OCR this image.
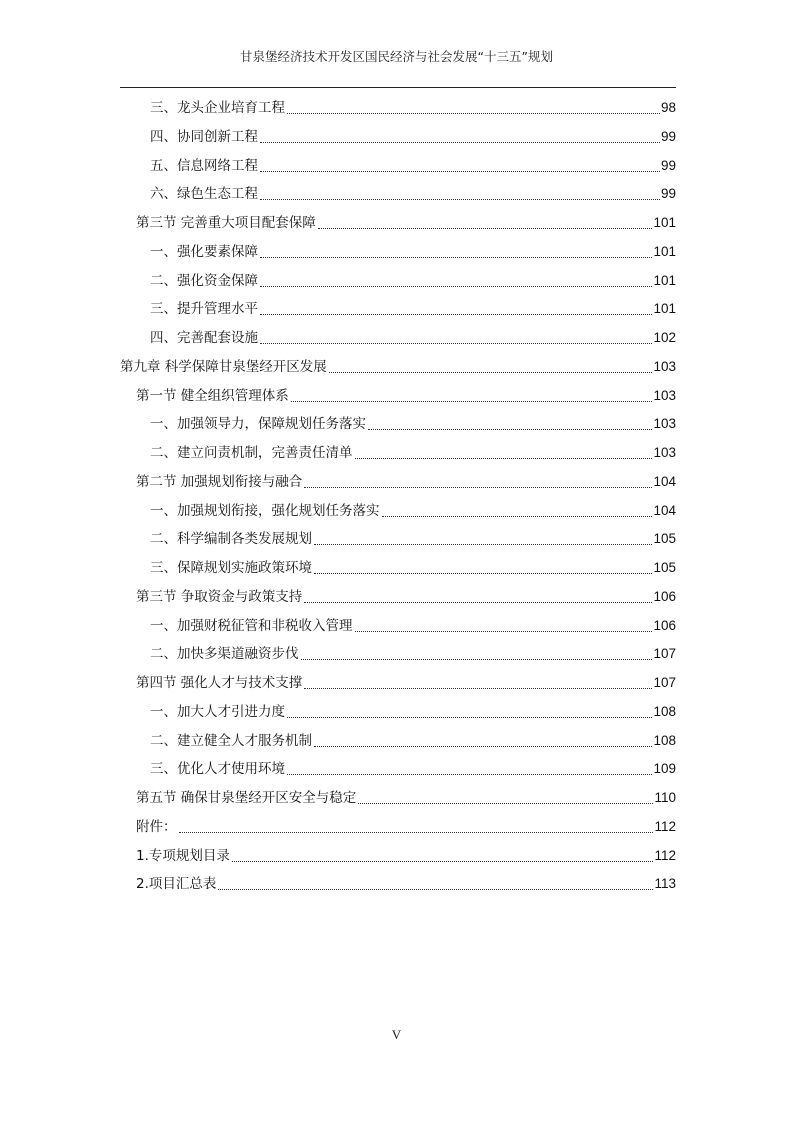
甘泉堡经济技术开发区国民经济与社会发展“十三五”规划
三、龙头企业培育工程	98
四、协同创新工程	99
五、信息网络工程	99
六、绿色生态工程	99
第三节 完善重大项目配套保障	101
一、强化要素保障	101
二、强化资金保障	101
三、提升管理水平	101
四、完善配套设施	102
第九章 科学保障甘泉堡经开区发展	103
第一节 健全组织管理体系	103
一、加强领导力，保障规划任务落实	103
二、建立问责机制，完善责任清单	103
第二节 加强规划衔接与融合	104
一、加强规划衔接，强化规划任务落实	104
二、科学编制各类发展规划	105
三、保障规划实施政策环境	105
第三节 争取资金与政策支持	106
一、加强财税征管和非税收入管理	106
二、加快多渠道融资步伐	107
第四节 强化人才与技术支撑	107
一、加大人才引进力度	108
二、建立健全人才服务机制	108
三、优化人才使用环境	109
第五节 确保甘泉堡经开区安全与稳定	110
附件：	112
1.专项规划目录	112
2.项目汇总表	113
V
